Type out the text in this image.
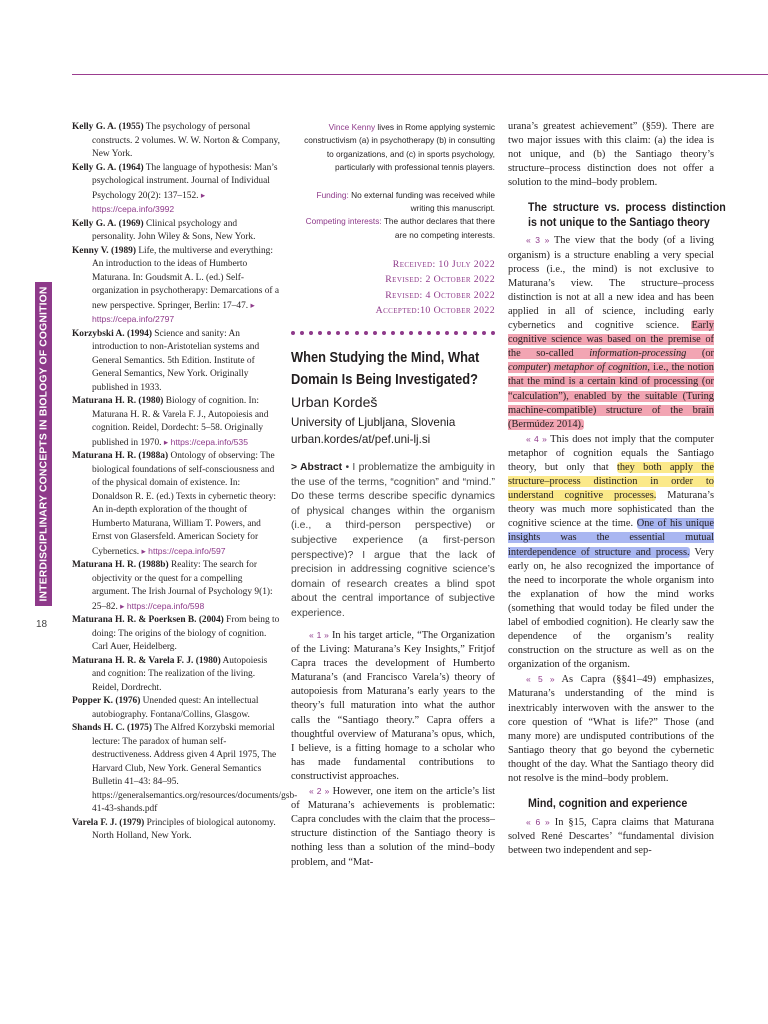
INTERDISCIPLINARY CONCEPTS IN BIOLOGY OF COGNITION
18

Kelly G. A. (1955) The psychology of personal constructs. 2 volumes. W. W. Norton & Company, New York.

Kelly G. A. (1964) The language of hypothesis: Man’s psychological instrument. Journal of Individual Psychology 20(2): 137–152. ▸ https://cepa.info/3992

Kelly G. A. (1969) Clinical psychology and personality. John Wiley & Sons, New York.

Kenny V. (1989) Life, the multiverse and everything: An introduction to the ideas of Humberto Maturana. In: Goudsmit A. L. (ed.) Self-organization in psychotherapy: Demarcations of a new perspective. Springer, Berlin: 17–47. ▸ https://cepa.info/2797

Korzybski A. (1994) Science and sanity: An introduction to non-Aristotelian systems and General Semantics. 5th Edition. Institute of General Semantics, New York. Originally published in 1933.

Maturana H. R. (1980) Biology of cognition. In: Maturana H. R. & Varela F. J., Autopoiesis and cognition. Reidel, Dordecht: 5–58. Originally published in 1970. ▸ https://cepa.info/535

Maturana H. R. (1988a) Ontology of observing: The biological foundations of self-consciousness and of the physical domain of existence. In: Donaldson R. E. (ed.) Texts in cybernetic theory: An in-depth exploration of the thought of Humberto Maturana, William T. Powers, and Ernst von Glasersfeld. American Society for Cybernetics. ▸ https://cepa.info/597

Maturana H. R. (1988b) Reality: The search for objectivity or the quest for a compelling argument. The Irish Journal of Psychology 9(1): 25–82. ▸ https://cepa.info/598

Maturana H. R. & Poerksen B. (2004) From being to doing: The origins of the biology of cognition. Carl Auer, Heidelberg.

Maturana H. R. & Varela F. J. (1980) Autopoiesis and cognition: The realization of the living. Reidel, Dordrecht.

Popper K. (1976) Unended quest: An intellectual autobiography. Fontana/Collins, Glasgow.

Shands H. C. (1975) The Alfred Korzybski memorial lecture: The paradox of human self-destructiveness. Address given 4 April 1975, The Harvard Club, New York. General Semantics Bulletin 41–43: 84–95. https://generalsemantics.org/resources/documents/gsb-41-43-shands.pdf

Varela F. J. (1979) Principles of biological autonomy. North Holland, New York.

Vince Kenny lives in Rome applying systemic constructivism (a) in psychotherapy (b) in consulting to organizations, and (c) in sports psychology, particularly with professional tennis players.
Funding: No external funding was received while writing this manuscript.
Competing interests: The author declares that there are no competing interests.
Received: 10 July 2022
Revised: 2 October 2022
Revised: 4 October 2022
Accepted:10 October 2022
When Studying the Mind, What Domain Is Being Investigated?
Urban Kordeš
University of Ljubljana, Slovenia
urban.kordes/at/pef.uni-lj.si
> Abstract • I problematize the ambiguity in the use of the terms, “cognition” and “mind.” Do these terms describe specific dynamics of physical changes within the organism (i.e., a third-person perspective) or subjective experience (a first-person perspective)? I argue that the lack of precision in addressing cognitive science’s domain of research creates a blind spot about the central importance of subjective experience.

« 1 » In his target article, “The Organization of the Living: Maturana’s Key Insights,” Fritjof Capra traces the development of Humberto Maturana’s (and Francisco Varela’s) theory of autopoiesis from Maturana’s early years to the theory’s full maturation into what the author calls the “Santiago theory.” Capra offers a thoughtful overview of Maturana’s opus, which, I believe, is a fitting homage to a scholar who has made fundamental contributions to constructivist approaches.

« 2 » However, one item on the article’s list of Maturana’s achievements is problematic: Capra concludes with the claim that the process–structure distinction of the Santiago theory is nothing less than a solution of the mind–body problem, and “Mat-

urana’s greatest achievement” (§59). There are two major issues with this claim: (a) the idea is not unique, and (b) the Santiago theory’s structure–process distinction does not offer a solution to the mind–body problem.

The structure vs. process distinction is not unique to the Santiago theory

« 3 » The view that the body (of a living organism) is a structure enabling a very special process (i.e., the mind) is not exclusive to Maturana’s view. The structure–process distinction is not at all a new idea and has been applied in all of science, including early cybernetics and cognitive science. Early cognitive science was based on the premise of the so-called information-processing (or computer) metaphor of cognition, i.e., the notion that the mind is a certain kind of processing (or “calculation”), enabled by the suitable (Turing machine-compatible) structure of the brain (Bermúdez 2014).

« 4 » This does not imply that the computer metaphor of cognition equals the Santiago theory, but only that they both apply the structure–process distinction in order to understand cognitive processes. Maturana’s theory was much more sophisticated than the cognitive science at the time. One of his unique insights was the essential mutual interdependence of structure and process. Very early on, he also recognized the importance of the need to incorporate the whole organism into the explanation of how the mind works (something that would today be filed under the label of embodied cognition). He clearly saw the dependence of the organism’s reality construction on the structure as well as on the organization of the organism.

« 5 » As Capra (§§41–49) emphasizes, Maturana’s understanding of the mind is inextricably interwoven with the answer to the core question of “What is life?” Those (and many more) are undisputed contributions of the Santiago theory that go beyond the cybernetic thought of the day. What the Santiago theory did not resolve is the mind–body problem.

Mind, cognition and experience

« 6 » In §15, Capra claims that Maturana solved René Descartes’ “fundamental division between two independent and sep-
